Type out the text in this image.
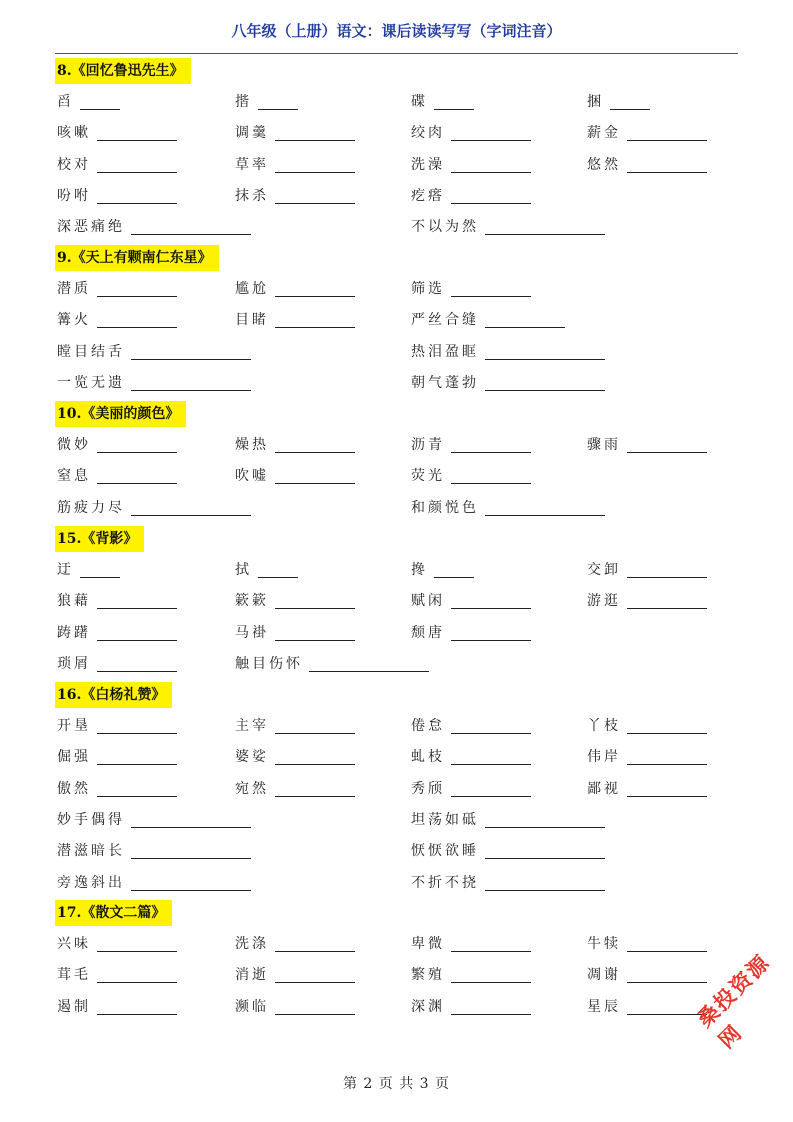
八年级（上册）语文：课后读读写写（字词注音）
8.《回忆鲁迅先生》
舀	揩	碟	捆
咳嗽	调羹	绞肉	薪金
校对	草率	洗澡	悠然
吩咐	抹杀	疙瘩
深恶痛绝	不以为然
9.《天上有颗南仁东星》
潜质	尴尬	筛选
篝火	目睹	严丝合缝
瞠目结舌	热泪盈眶
一览无遗	朝气蓬勃
10.《美丽的颜色》
微妙	燥热	沥青	骤雨
窒息	吹嘘	荧光
筋疲力尽	和颜悦色
15.《背影》
迂	拭	搀	交卸
狼藉	簌簌	赋闲	游逛
踌躇	马褂	颓唐
琐屑	触目伤怀
16.《白杨礼赞》
开垦	主宰	倦怠	丫枝
倔强	婆娑	虬枝	伟岸
傲然	宛然	秀颀	鄙视
妙手偶得	坦荡如砥
潜滋暗长	恹恹欲睡
旁逸斜出	不折不挠
17.《散文二篇》
兴味	洗涤	卑微	牛犊
茸毛	消逝	繁殖	凋谢
遏制	濒临	深渊	星辰
第 2 页 共 3 页
桑投资源网
